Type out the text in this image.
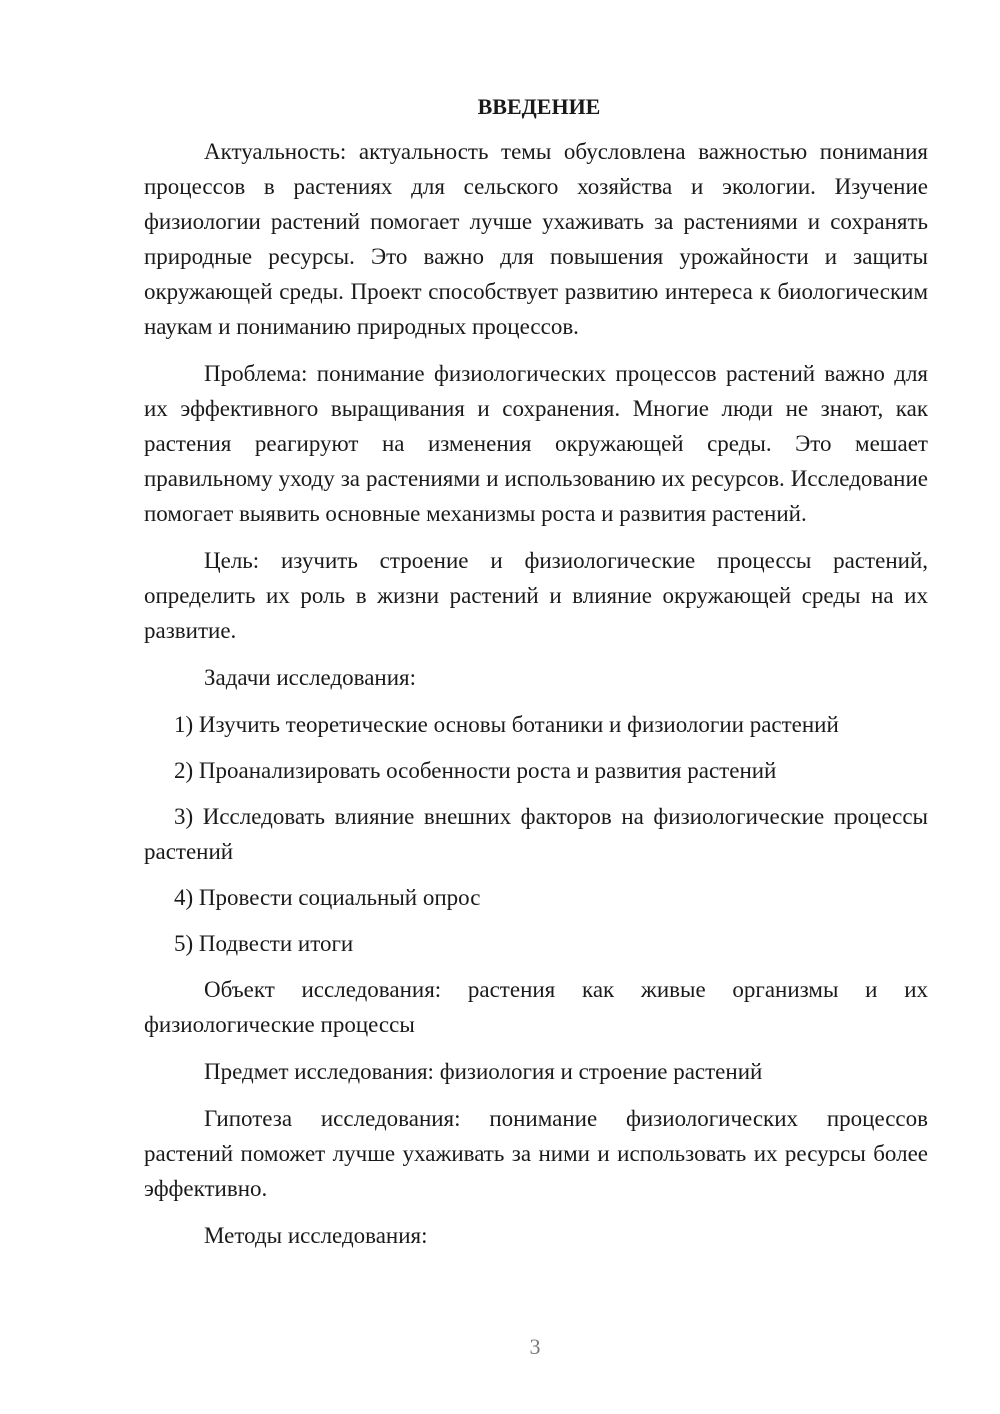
ВВЕДЕНИЕ

Актуальность: актуальность темы обусловлена важностью понимания процессов в растениях для сельского хозяйства и экологии. Изучение физиологии растений помогает лучше ухаживать за растениями и сохранять природные ресурсы. Это важно для повышения урожайности и защиты окружающей среды. Проект способствует развитию интереса к биологическим наукам и пониманию природных процессов.

Проблема: понимание физиологических процессов растений важно для их эффективного выращивания и сохранения. Многие люди не знают, как растения реагируют на изменения окружающей среды. Это мешает правильному уходу за растениями и использованию их ресурсов. Исследование помогает выявить основные механизмы роста и развития растений.

Цель: изучить строение и физиологические процессы растений, определить их роль в жизни растений и влияние окружающей среды на их развитие.

Задачи исследования:

1) Изучить теоретические основы ботаники и физиологии растений

2) Проанализировать особенности роста и развития растений

3) Исследовать влияние внешних факторов на физиологические процессы растений

4) Провести социальный опрос

5) Подвести итоги

Объект исследования: растения как живые организмы и их физиологические процессы

Предмет исследования: физиология и строение растений

Гипотеза исследования: понимание физиологических процессов растений поможет лучше ухаживать за ними и использовать их ресурсы более эффективно.

Методы исследования:

3
